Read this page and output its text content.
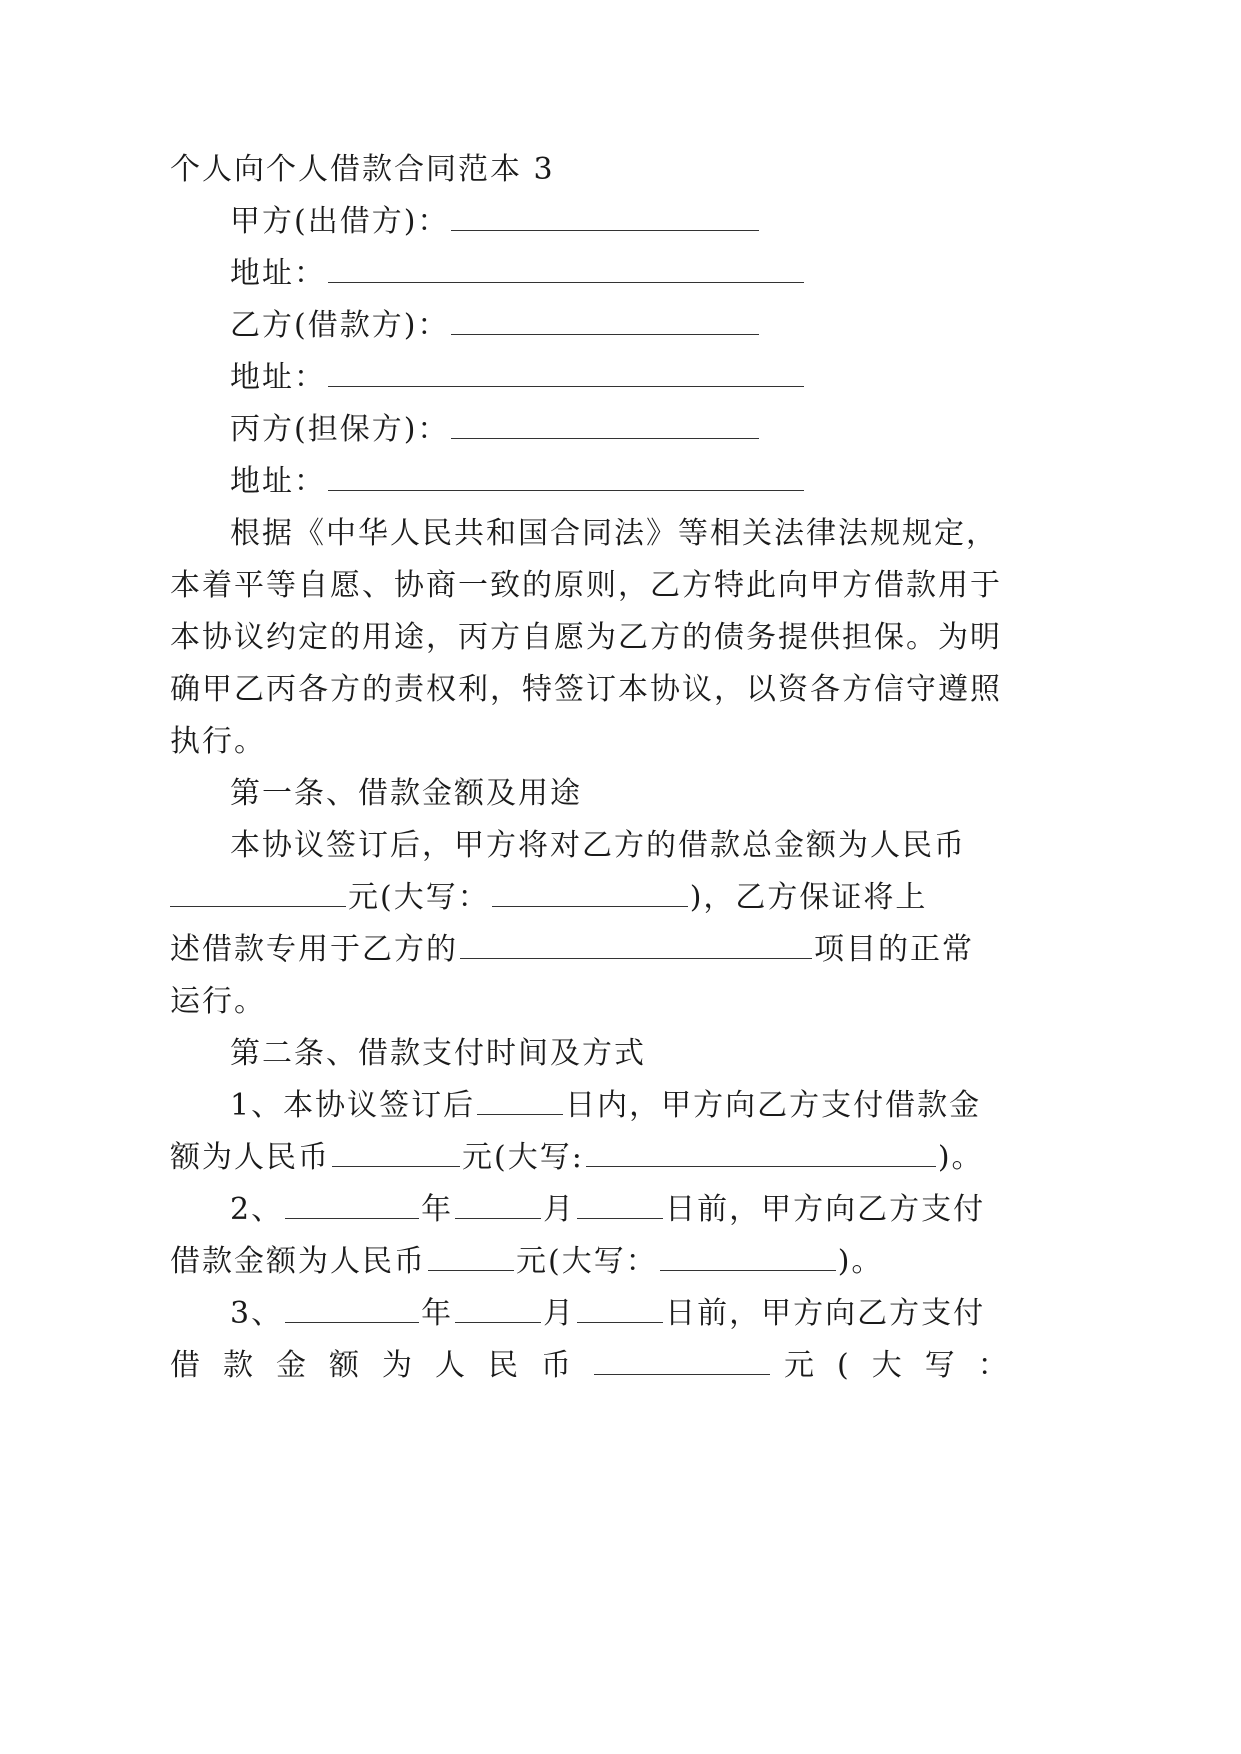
个人向个人借款合同范本 3
甲方(出借方)：
地址：
乙方(借款方)：
地址：
丙方(担保方)：
地址：
根据《中华人民共和国合同法》等相关法律法规规定，
本着平等自愿、协商一致的原则，乙方特此向甲方借款用于
本协议约定的用途，丙方自愿为乙方的债务提供担保。为明
确甲乙丙各方的责权利，特签订本协议，以资各方信守遵照
执行。
第一条、借款金额及用途
本协议签订后，甲方将对乙方的借款总金额为人民币
元(大写：	)，乙方保证将上
述借款专用于乙方的	项目的正常
运行。
第二条、借款支付时间及方式
1、本协议签订后	日内，甲方向乙方支付借款金
额为人民币	元(大写:	)。
2、	年	月	日前，甲方向乙方支付
借款金额为人民币	元(大写：	)。
3、	年	月	日前，甲方向乙方支付
借款金额为人民币	元(大写：
